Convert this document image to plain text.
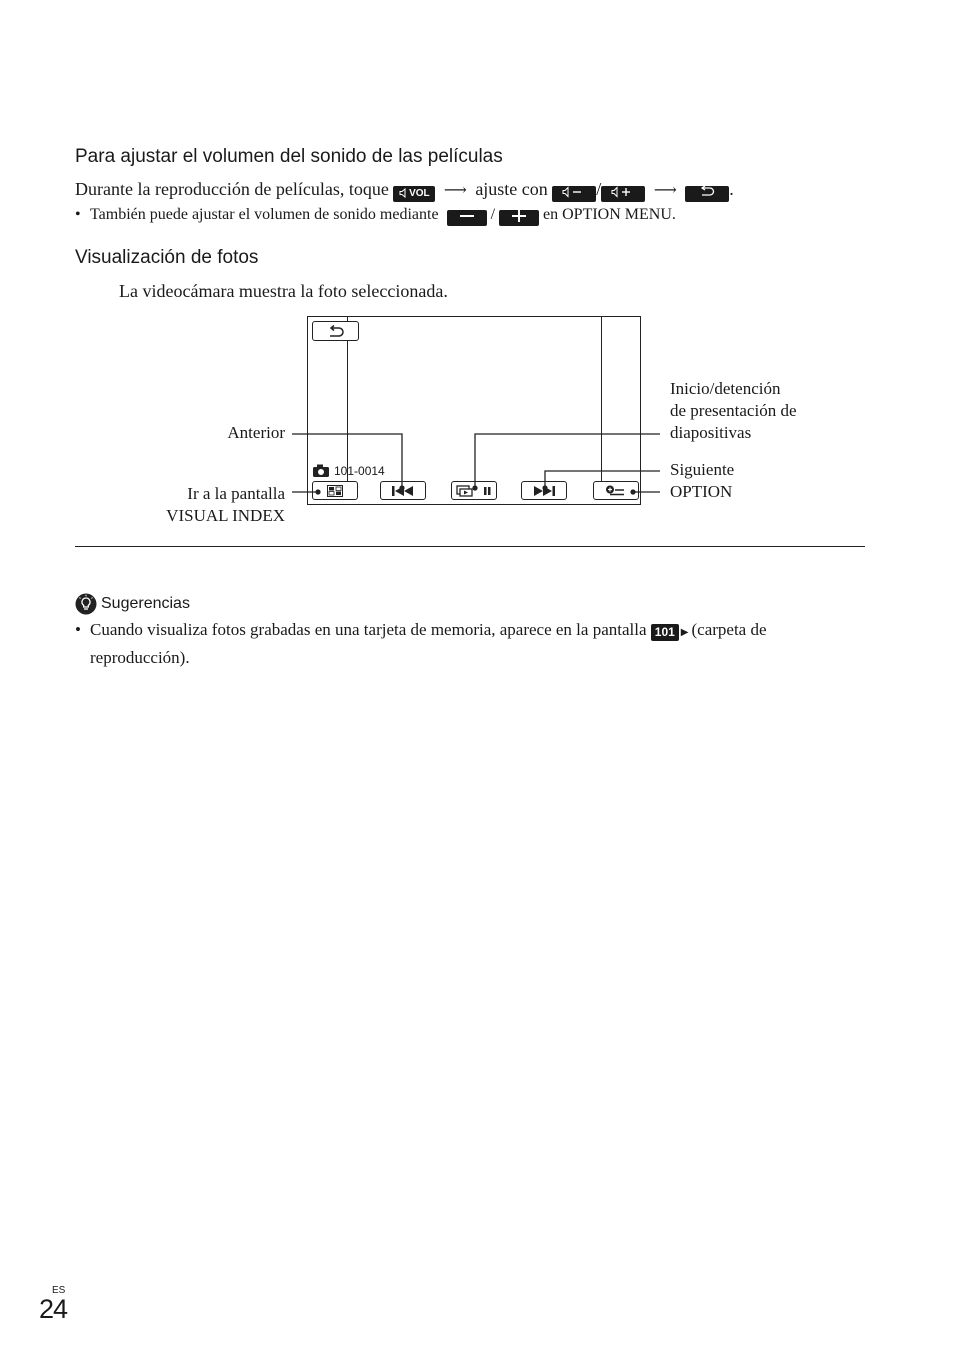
Para ajustar el volumen del sonido de las películas
Durante la reproducción de películas, toque VOL ⟶ ajuste con	/	⟶	.
• También puede ajustar el volumen de sonido mediante	/	en OPTION MENU.
Visualización de fotos
La videocámara muestra la foto seleccionada.
101-0014
Anterior
Ir a la pantalla
VISUAL INDEX
Inicio/detención
de presentación de
diapositivas
Siguiente
OPTION
Sugerencias
• Cuando visualiza fotos grabadas en una tarjeta de memoria, aparece en la pantalla 101 ▶ (carpeta de
reproducción).
ES
24
